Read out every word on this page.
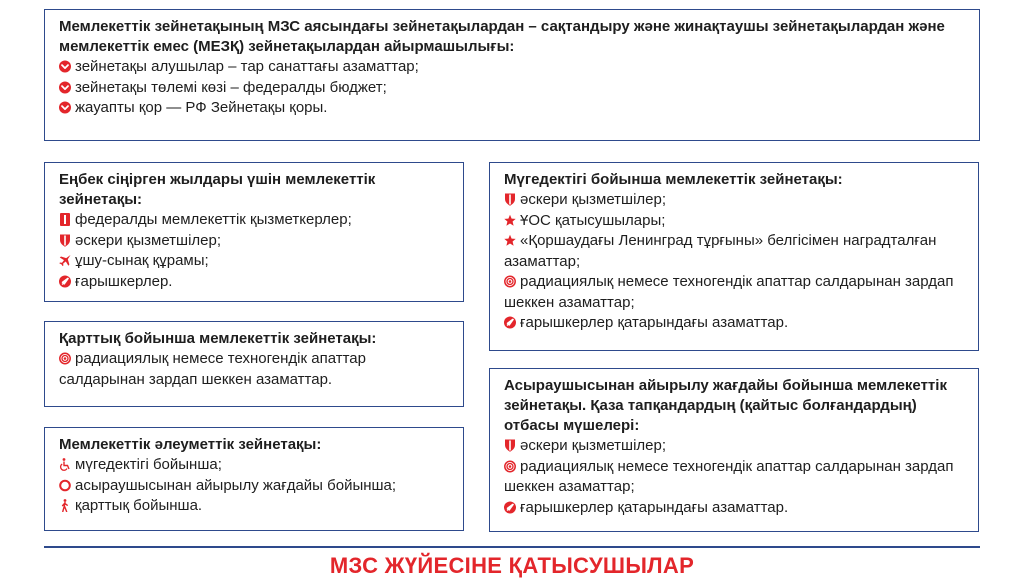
Мемлекеттік зейнетақының МЗС аясындағы зейнетақылардан – сақтандыру және жинақтаушы зейнетақылардан және мемлекеттік емес (МЕЗҚ) зейнетақылардан айырмашылығы:
зейнетақы алушылар – тар санаттағы азаматтар;
зейнетақы төлемі көзі – федералды бюджет;
жауапты қор — РФ Зейнетақы қоры.
Еңбек сіңірген жылдары үшін мемлекеттік зейнетақы:
федералды мемлекеттік қызметкерлер;
әскери қызметшілер;
ұшу-сынақ құрамы;
ғарышкерлер.
Қарттық бойынша мемлекеттік зейнетақы:
радиациялық немесе техногендік апаттар салдарынан зардап шеккен азаматтар.
Мемлекеттік әлеуметтік зейнетақы:
мүгедектігі бойынша;
асыраушысынан айырылу жағдайы бойынша;
қарттық бойынша.
Мүгедектігі бойынша мемлекеттік зейнетақы:
әскери қызметшілер;
ҰОС қатысушылары;
«Қоршаудағы Ленинград тұрғыны» белгісімен наградталған азаматтар;
радиациялық немесе техногендік апаттар салдарынан зардап шеккен азаматтар;
ғарышкерлер қатарындағы азаматтар.
Асыраушысынан айырылу жағдайы бойынша мемлекеттік зейнетақы. Қаза тапқандардың (қайтыс болғандардың) отбасы мүшелері:
әскери қызметшілер;
радиациялық немесе техногендік апаттар салдарынан зардап шеккен азаматтар;
ғарышкерлер қатарындағы азаматтар.
МЗС ЖҮЙЕСІНЕ ҚАТЫСУШЫЛАР
